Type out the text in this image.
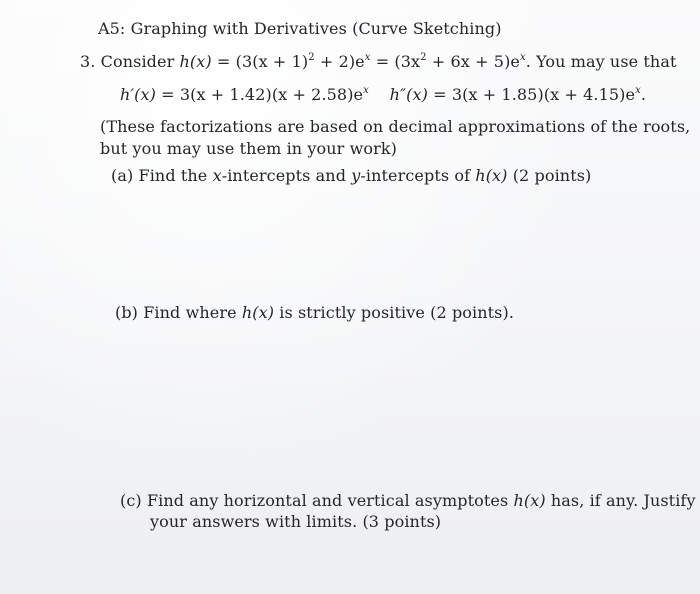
A5: Graphing with Derivatives (Curve Sketching)
3. Consider $h(x) = (3(x + 1)^2 + 2)e^x = (3x^2 + 6x + 5)e^x$. You may use that
$h'(x) = 3(x + 1.42)(x + 2.58)e^x$ $h''(x) = 3(x + 1.85)(x + 4.15)e^x$.
(These factorizations are based on decimal approximations of the roots,
but you may use them in your work)
(a) Find the x-intercepts and y-intercepts of h(x) (2 points)
(b) Find where h(x) is strictly positive (2 points).
(c) Find any horizontal and vertical asymptotes h(x) has, if any. Justify
your answers with limits. (3 points)
